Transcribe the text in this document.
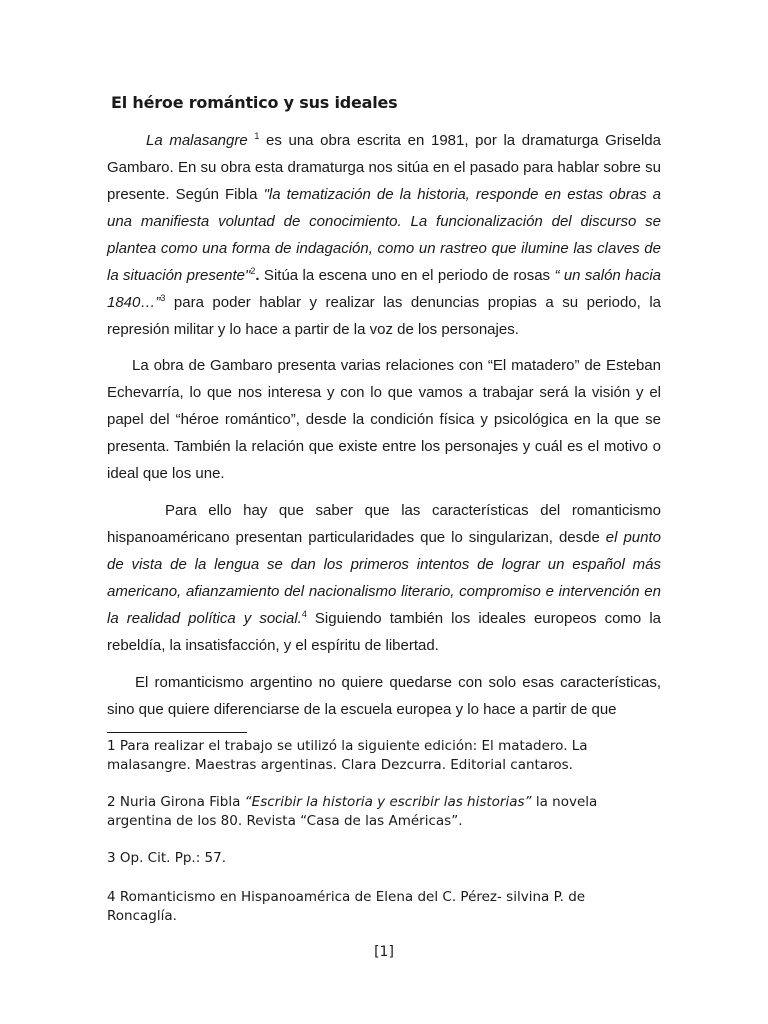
El héroe romántico y sus ideales

La malasangre $^1$ es una obra escrita en 1981, por la dramaturga Griselda Gambaro. En su obra esta dramaturga nos sitúa en el pasado para hablar sobre su presente. Según Fibla "la tematización de la historia, responde en estas obras a una manifiesta voluntad de conocimiento. La funcionalización del discurso se plantea como una forma de indagación, como un rastreo que ilumine las claves de la situación presente"$^2$. Sitúa la escena uno en el periodo de rosas “ un salón hacia 1840…”$^3$ para poder hablar y realizar las denuncias propias a su periodo, la represión militar y lo hace a partir de la voz de los personajes.

La obra de Gambaro presenta varias relaciones con “El matadero” de Esteban Echevarría, lo que nos interesa y con lo que vamos a trabajar será la visión y el papel del “héroe romántico”, desde la condición física y psicológica en la que se presenta. También la relación que existe entre los personajes y cuál es el motivo o ideal que los une.

Para ello hay que saber que las características del romanticismo hispanoaméricano presentan particularidades que lo singularizan, desde el punto de vista de la lengua se dan los primeros intentos de lograr un español más americano, afianzamiento del nacionalismo literario, compromiso e intervención en la realidad política y social.$^4$ Siguiendo también los ideales europeos como la rebeldía, la insatisfacción, y el espíritu de libertad.

El romanticismo argentino no quiere quedarse con solo esas características, sino que quiere diferenciarse de la escuela europea y lo hace a partir de que

1 Para realizar el trabajo se utilizó la siguiente edición: El matadero. La malasangre. Maestras argentinas. Clara Dezcurra. Editorial cantaros.

2 Nuria Girona Fibla “Escribir la historia y escribir las historias” la novela argentina de los 80. Revista “Casa de las Américas”.

3 Op. Cit. Pp.: 57.

4 Romanticismo en Hispanoamérica de Elena del C. Pérez- silvina P. de Roncaglía.

[1]
